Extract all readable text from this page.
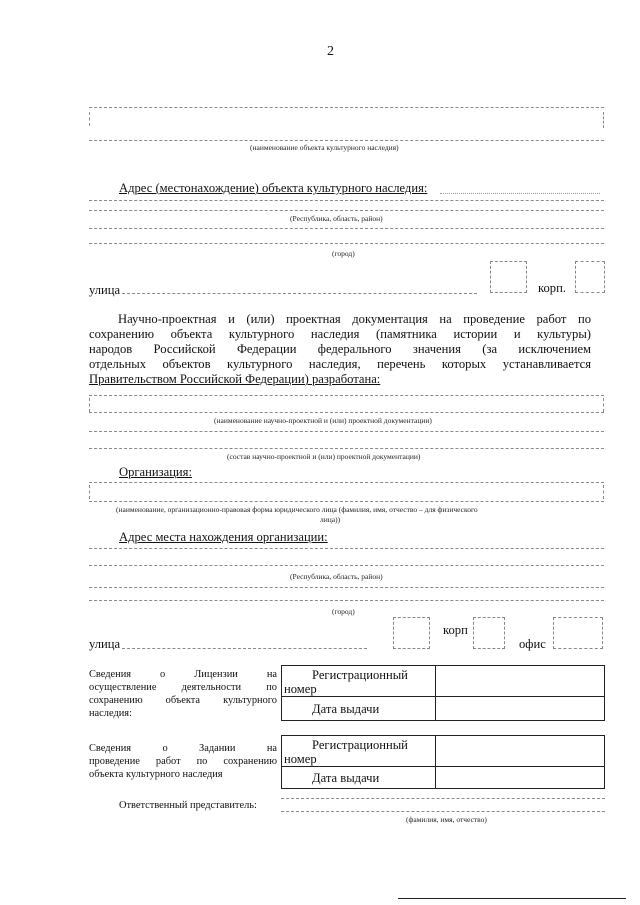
2
(наименование объекта культурного наследия)
Адрес (местонахождение) объекта культурного наследия:
(Республика, область, район)
(город)
улица	корп.
Научно-проектная и (или) проектная документация на проведение работ по
сохранению объекта культурного наследия (памятника истории и культуры)
народов Российской Федерации федерального значения (за исключением
отдельных объектов культурного наследия, перечень которых устанавливается
Правительством Российской Федерации) разработана:
(наименование научно-проектной и (или) проектной документации)
(состав научно-проектной и (или) проектной документации)
Организация:
(наименование, организационно-правовая форма юридического лица (фамилия, имя, отчество – для физического
лица))
Адрес места нахождения организации:
(Республика, область, район)
(город)
улица
корп
офис
Сведения о Лицензии на
осуществление деятельности по
сохранению объекта культурного
наследия:
Регистрационный
номер
Дата выдачи
Сведения о Задании на
проведение работ по сохранению
объекта культурного наследия
Регистрационный
номер
Дата выдачи
Ответственный представитель:
(фамилия, имя, отчество)
